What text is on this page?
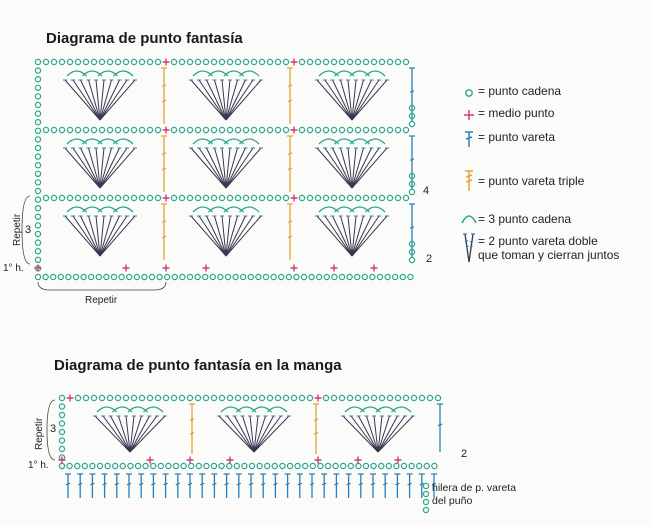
Diagrama de punto fantasía
Diagrama de punto fantasía en la manga
Repetir 3
1° h.
2
4
Repetir
Repetir 3
1° h.
2
= punto cadena
= medio punto
= punto vareta
= punto vareta triple
= 3 punto cadena
= 2 punto vareta doble
que toman y cierran juntos
hilera de p. vareta
del puño
